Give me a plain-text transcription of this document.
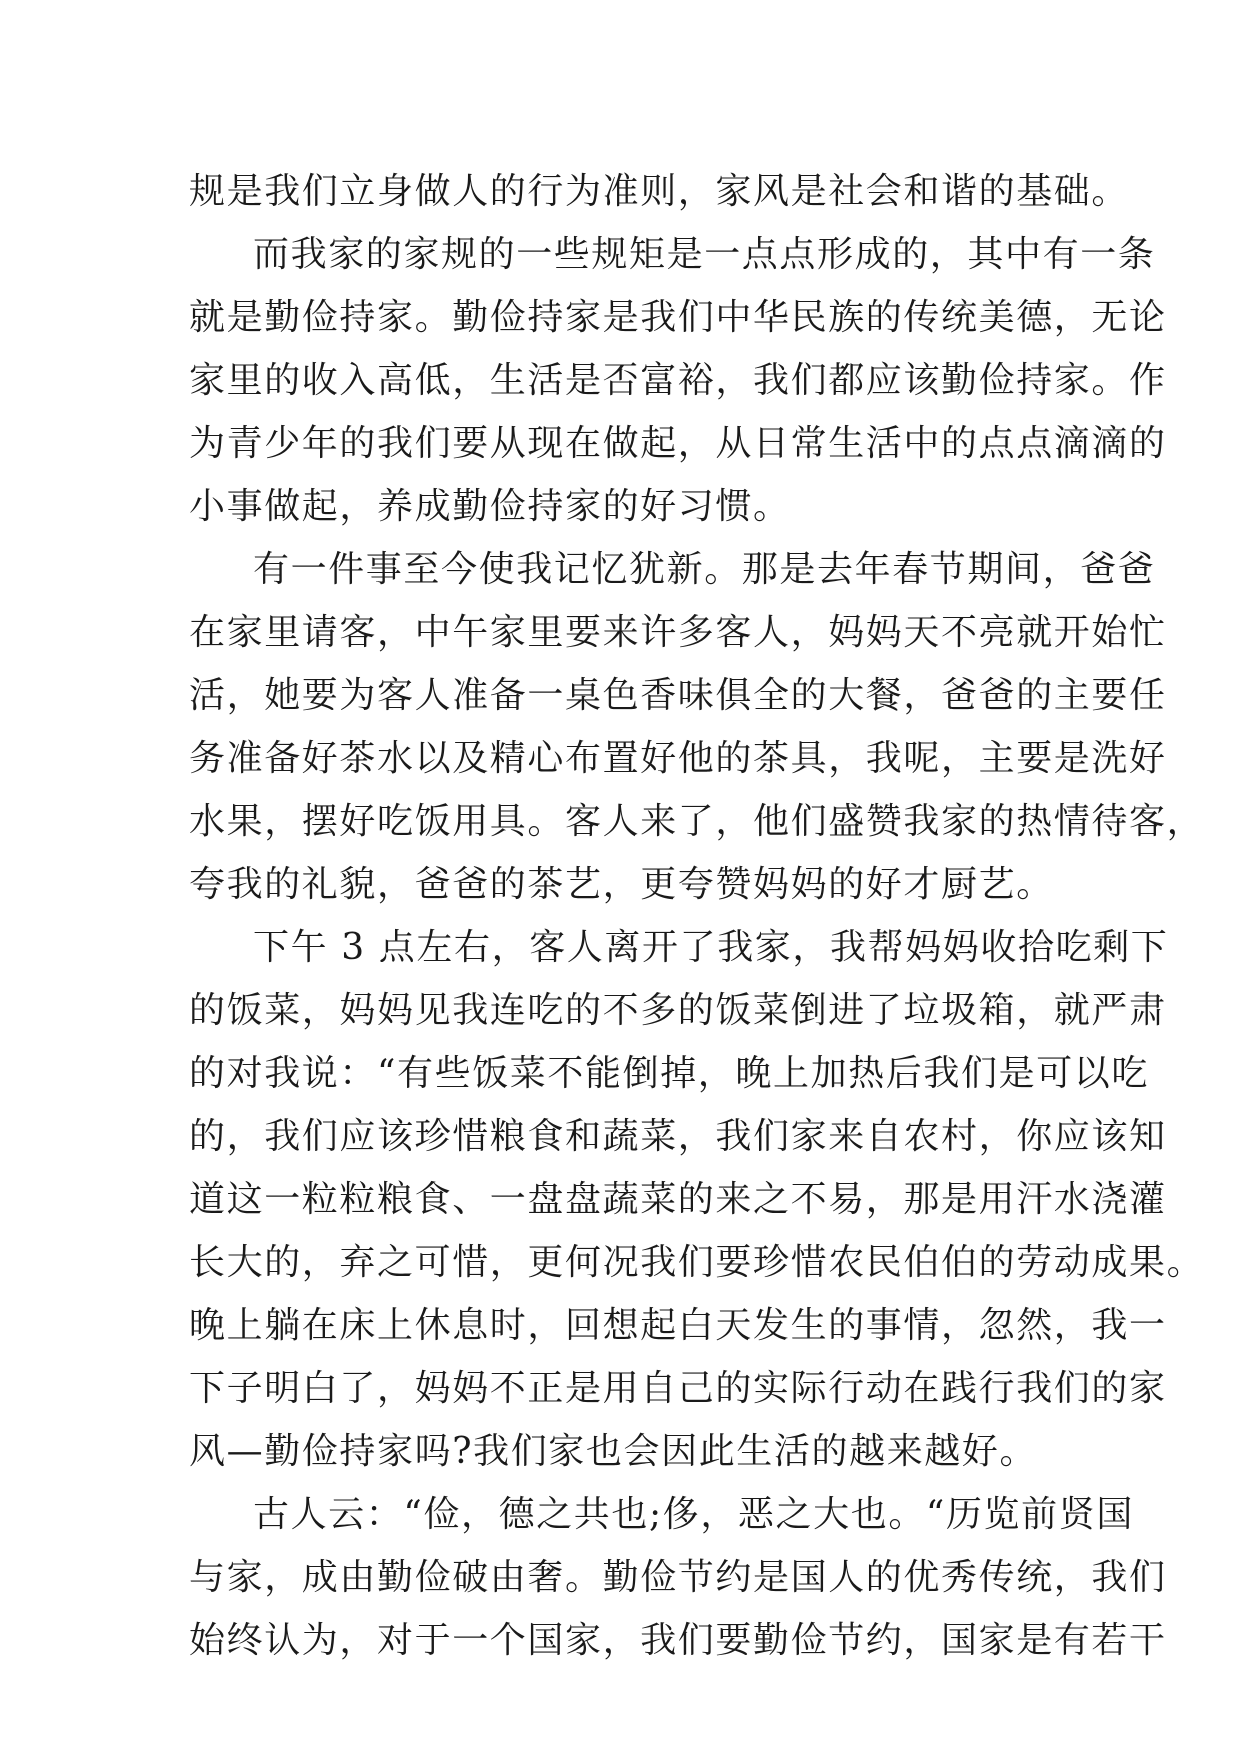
规是我们立身做人的行为准则，家风是社会和谐的基础。
而我家的家规的一些规矩是一点点形成的，其中有一条
就是勤俭持家。勤俭持家是我们中华民族的传统美德，无论
家里的收入高低，生活是否富裕，我们都应该勤俭持家。作
为青少年的我们要从现在做起，从日常生活中的点点滴滴的
小事做起，养成勤俭持家的好习惯。
有一件事至今使我记忆犹新。那是去年春节期间，爸爸
在家里请客，中午家里要来许多客人，妈妈天不亮就开始忙
活，她要为客人准备一桌色香味俱全的大餐，爸爸的主要任
务准备好茶水以及精心布置好他的茶具，我呢，主要是洗好
水果，摆好吃饭用具。客人来了，他们盛赞我家的热情待客，
夸我的礼貌，爸爸的茶艺，更夸赞妈妈的好才厨艺。
下午 3 点左右，客人离开了我家，我帮妈妈收拾吃剩下
的饭菜，妈妈见我连吃的不多的饭菜倒进了垃圾箱，就严肃
的对我说：“有些饭菜不能倒掉，晚上加热后我们是可以吃
的，我们应该珍惜粮食和蔬菜，我们家来自农村，你应该知
道这一粒粒粮食、一盘盘蔬菜的来之不易，那是用汗水浇灌
长大的，弃之可惜，更何况我们要珍惜农民伯伯的劳动成果。
晚上躺在床上休息时，回想起白天发生的事情，忽然，我一
下子明白了，妈妈不正是用自己的实际行动在践行我们的家
风—勤俭持家吗?我们家也会因此生活的越来越好。
古人云：“俭，德之共也;侈，恶之大也。“历览前贤国
与家，成由勤俭破由奢。勤俭节约是国人的优秀传统，我们
始终认为，对于一个国家，我们要勤俭节约，国家是有若干
